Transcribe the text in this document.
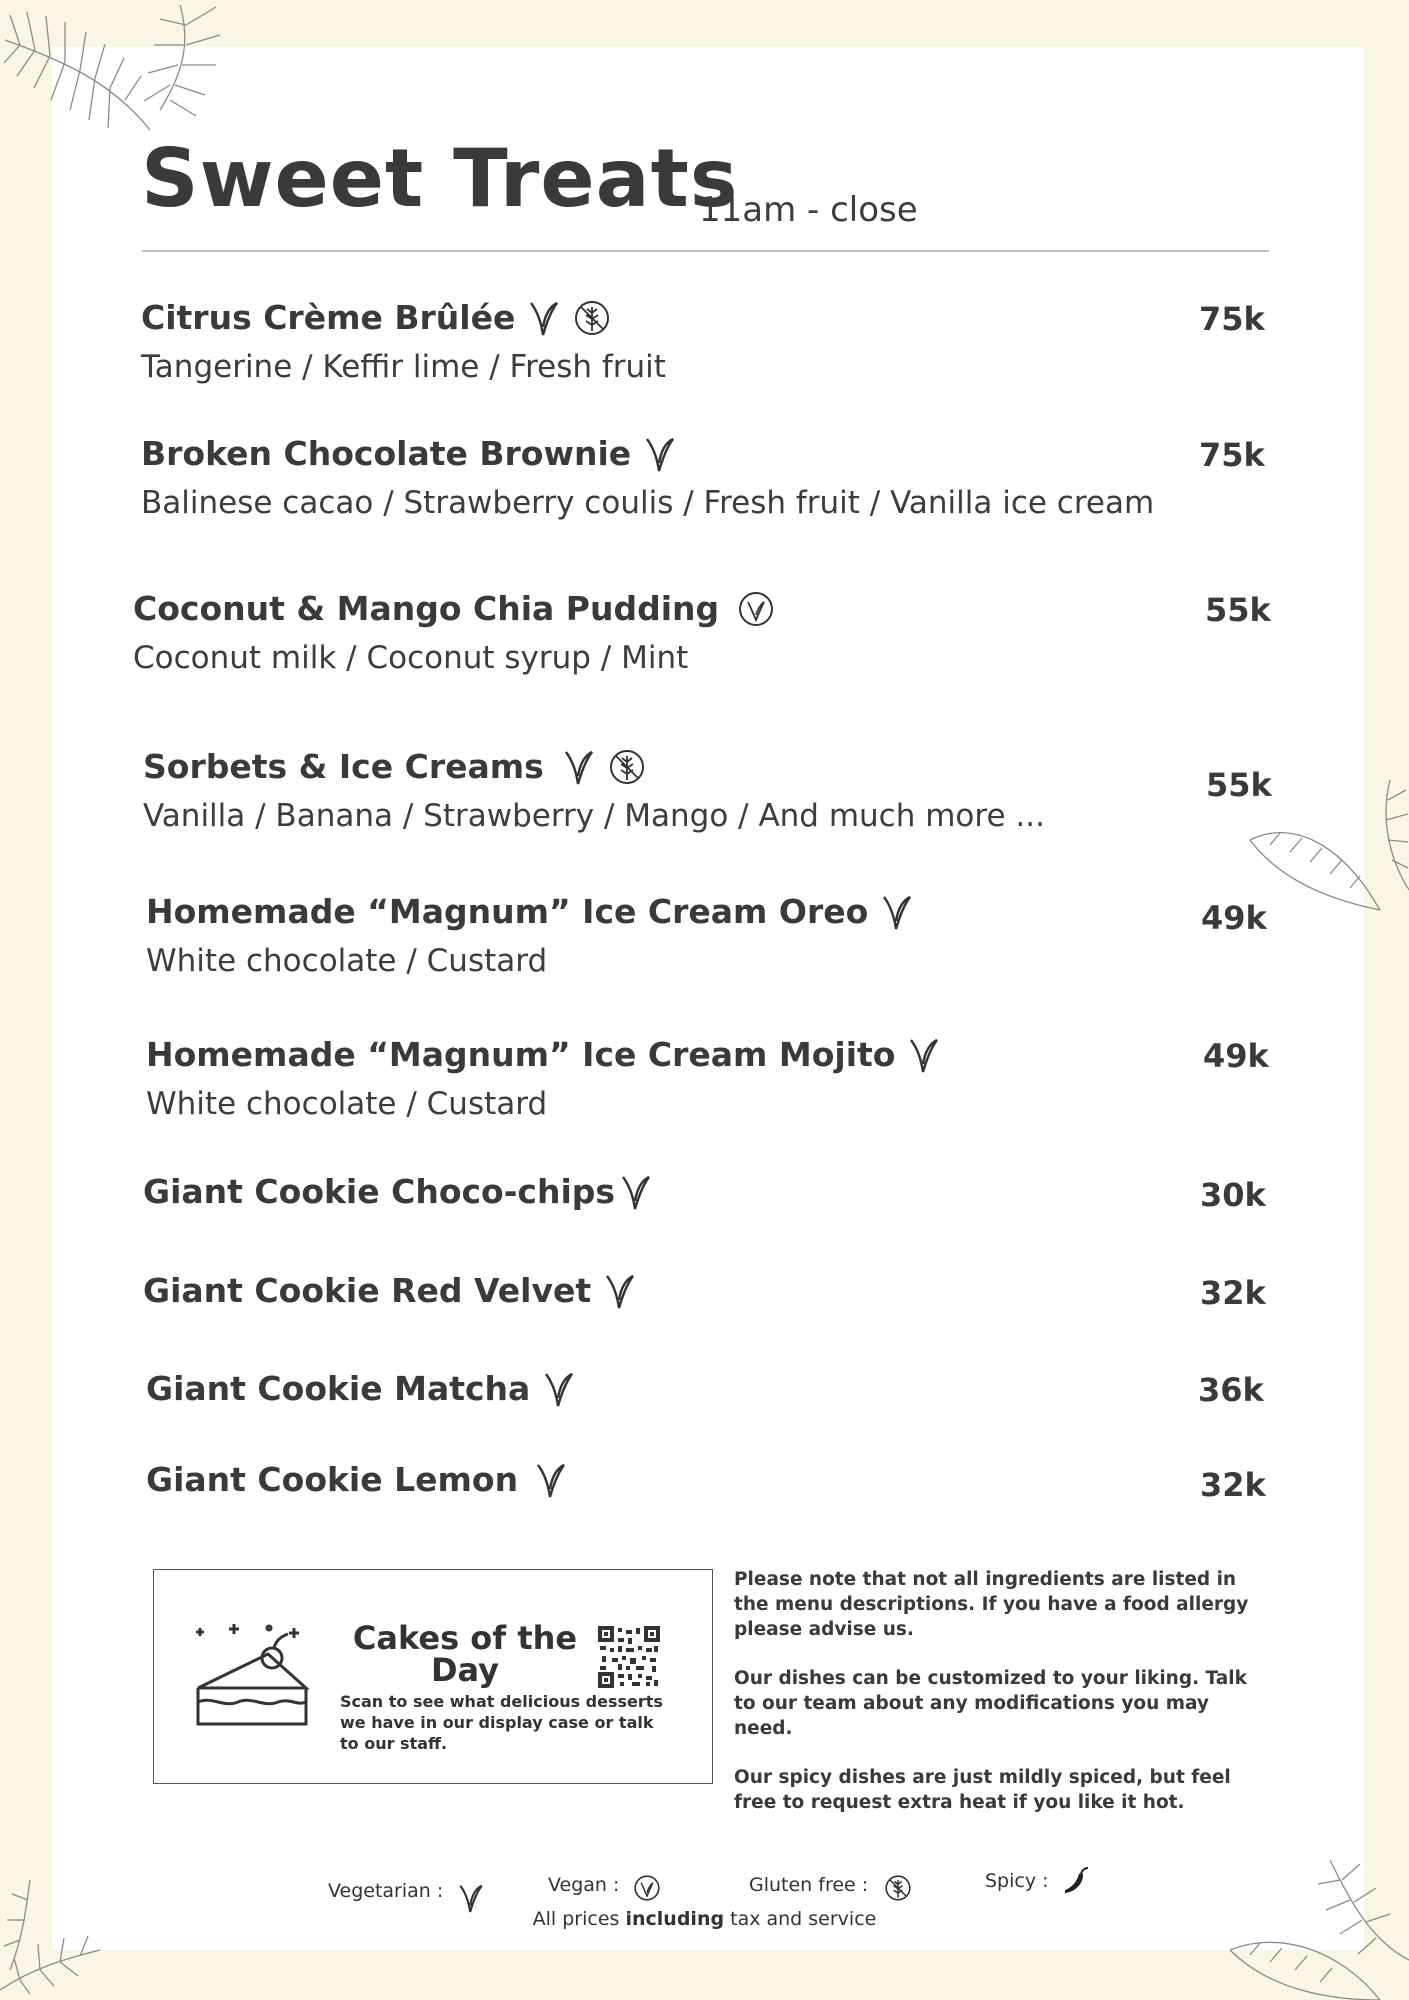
Sweet Treats
11am - close
Citrus Crème Brûlée
Tangerine / Keffir lime / Fresh fruit
75k
Broken Chocolate Brownie
Balinese cacao / Strawberry coulis / Fresh fruit / Vanilla ice cream
75k
Coconut & Mango Chia Pudding
Coconut milk / Coconut syrup / Mint
55k
Sorbets & Ice Creams
Vanilla / Banana / Strawberry / Mango / And much more ...
55k
Homemade “Magnum” Ice Cream Oreo
White chocolate / Custard
49k
Homemade “Magnum” Ice Cream Mojito
White chocolate / Custard
49k
Giant Cookie Choco-chips	30k
Giant Cookie Red Velvet	32k
Giant Cookie Matcha	36k
Giant Cookie Lemon	32k
Cakes of the Day
Scan to see what delicious desserts we have in our display case or talk to our staff.

Please note that not all ingredients are listed in the menu descriptions. If you have a food allergy please advise us.

Our dishes can be customized to your liking. Talk to our team about any modifications you may need.

Our spicy dishes are just mildly spiced, but feel free to request extra heat if you like it hot.

Vegetarian :	Vegan :	Gluten free :	Spicy :
All prices including tax and service
